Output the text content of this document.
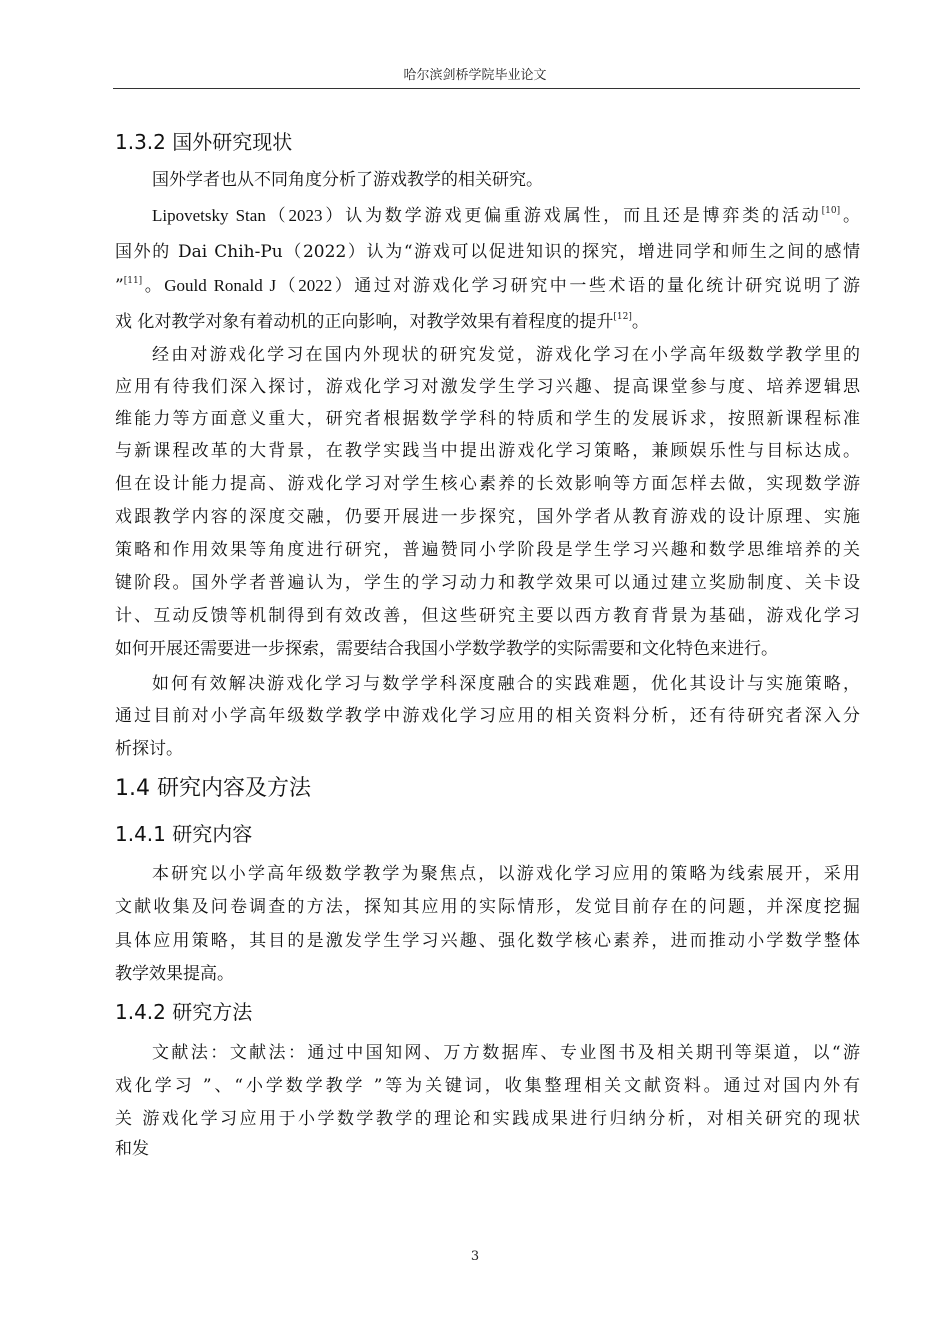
哈尔滨剑桥学院毕业论文
1.3.2 国外研究现状
国外学者也从不同角度分析了游戏教学的相关研究。
Lipovetsky Stan（2023）认为数学游戏更偏重游戏属性，而且还是博弈类的活动[10]。
国外的 Dai Chih-Pu（2022）认为“游戏可以促进知识的探究，增进同学和师生之间的感情
”[11]。Gould Ronald J（2022）通过对游戏化学习研究中一些术语的量化统计研究说明了游
戏 化对教学对象有着动机的正向影响，对教学效果有着程度的提升[12]。
经由对游戏化学习在国内外现状的研究发觉，游戏化学习在小学高年级数学教学里的
应用有待我们深入探讨，游戏化学习对激发学生学习兴趣、提高课堂参与度、培养逻辑思
维能力等方面意义重大，研究者根据数学学科的特质和学生的发展诉求，按照新课程标准
与新课程改革的大背景，在教学实践当中提出游戏化学习策略，兼顾娱乐性与目标达成。
但在设计能力提高、游戏化学习对学生核心素养的长效影响等方面怎样去做，实现数学游
戏跟教学内容的深度交融，仍要开展进一步探究，国外学者从教育游戏的设计原理、实施
策略和作用效果等角度进行研究，普遍赞同小学阶段是学生学习兴趣和数学思维培养的关
键阶段。国外学者普遍认为，学生的学习动力和教学效果可以通过建立奖励制度、关卡设
计、互动反馈等机制得到有效改善，但这些研究主要以西方教育背景为基础，游戏化学习
如何开展还需要进一步探索，需要结合我国小学数学教学的实际需要和文化特色来进行。
如何有效解决游戏化学习与数学学科深度融合的实践难题，优化其设计与实施策略，
通过目前对小学高年级数学教学中游戏化学习应用的相关资料分析，还有待研究者深入分
析探讨。
1.4 研究内容及方法
1.4.1 研究内容
本研究以小学高年级数学教学为聚焦点，以游戏化学习应用的策略为线索展开，采用
文献收集及问卷调查的方法，探知其应用的实际情形，发觉目前存在的问题，并深度挖掘
具体应用策略，其目的是激发学生学习兴趣、强化数学核心素养，进而推动小学数学整体
教学效果提高。
1.4.2 研究方法
文献法：文献法：通过中国知网、万方数据库、专业图书及相关期刊等渠道，以“游
戏化学习 ”、“小学数学教学 ”等为关键词，收集整理相关文献资料。通过对国内外有
关 游戏化学习应用于小学数学教学的理论和实践成果进行归纳分析，对相关研究的现状
和发
3
